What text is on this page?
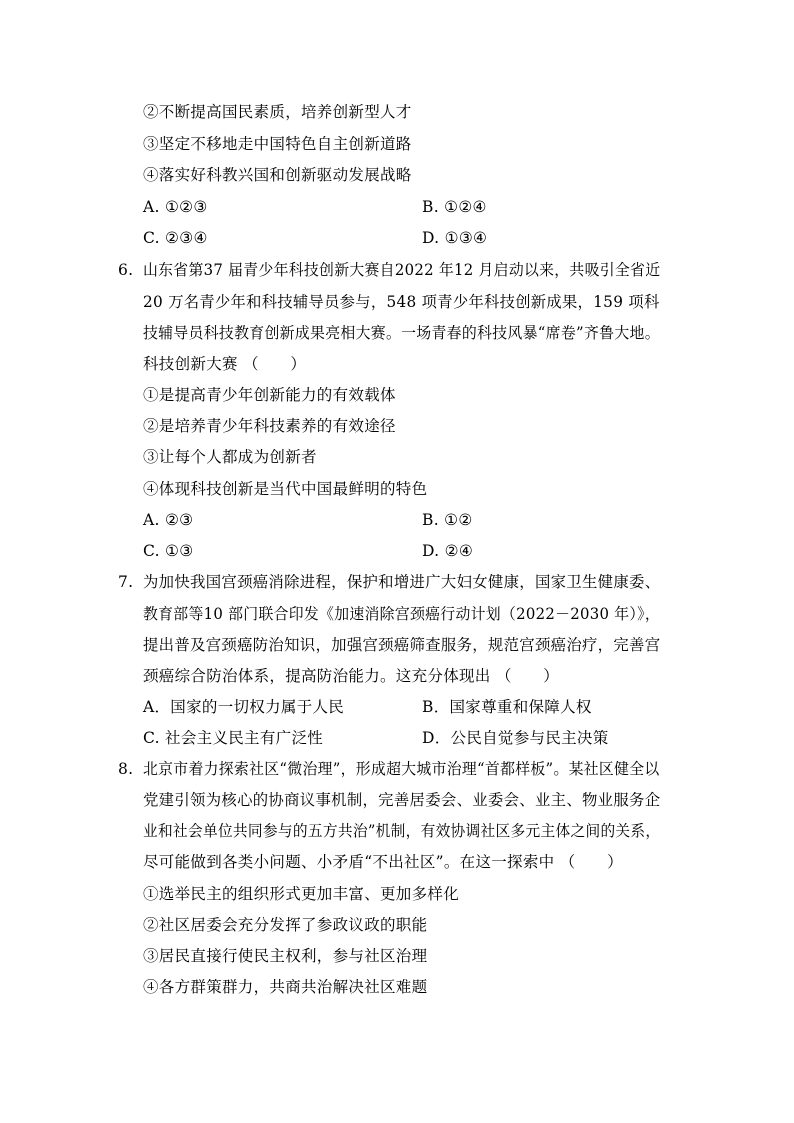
②不断提高国民素质，培养创新型人才
③坚定不移地走中国特色自主创新道路
④落实好科教兴国和创新驱动发展战略
A. ①②③	B. ①②④
C. ②③④	D. ①③④
6. 山东省第37 届青少年科技创新大赛自2022 年12 月启动以来，共吸引全省近
20 万名青少年和科技辅导员参与，548 项青少年科技创新成果，159 项科
技辅导员科技教育创新成果亮相大赛。一场青春的科技风暴“席卷”齐鲁大地。
科技创新大赛 （　　）
①是提高青少年创新能力的有效载体
②是培养青少年科技素养的有效途径
③让每个人都成为创新者
④体现科技创新是当代中国最鲜明的特色
A. ②③	B. ①②
C. ①③	D. ②④
7. 为加快我国宫颈癌消除进程，保护和增进广大妇女健康，国家卫生健康委、
教育部等10 部门联合印发《加速消除宫颈癌行动计划（2022－2030 年）》，
提出普及宫颈癌防治知识，加强宫颈癌筛查服务，规范宫颈癌治疗，完善宫
颈癌综合防治体系，提高防治能力。这充分体现出 （　　）
A．国家的一切权力属于人民	B．国家尊重和保障人权
C. 社会主义民主有广泛性	D．公民自觉参与民主决策
8. 北京市着力探索社区“微治理”，形成超大城市治理“首都样板”。某社区健全以
党建引领为核心的协商议事机制，完善居委会、业委会、业主、物业服务企
业和社会单位共同参与的五方共治”机制，有效协调社区多元主体之间的关系，
尽可能做到各类小问题、小矛盾“不出社区”。在这一探索中 （　　）
①选举民主的组织形式更加丰富、更加多样化
②社区居委会充分发挥了参政议政的职能
③居民直接行使民主权利，参与社区治理
④各方群策群力，共商共治解决社区难题
